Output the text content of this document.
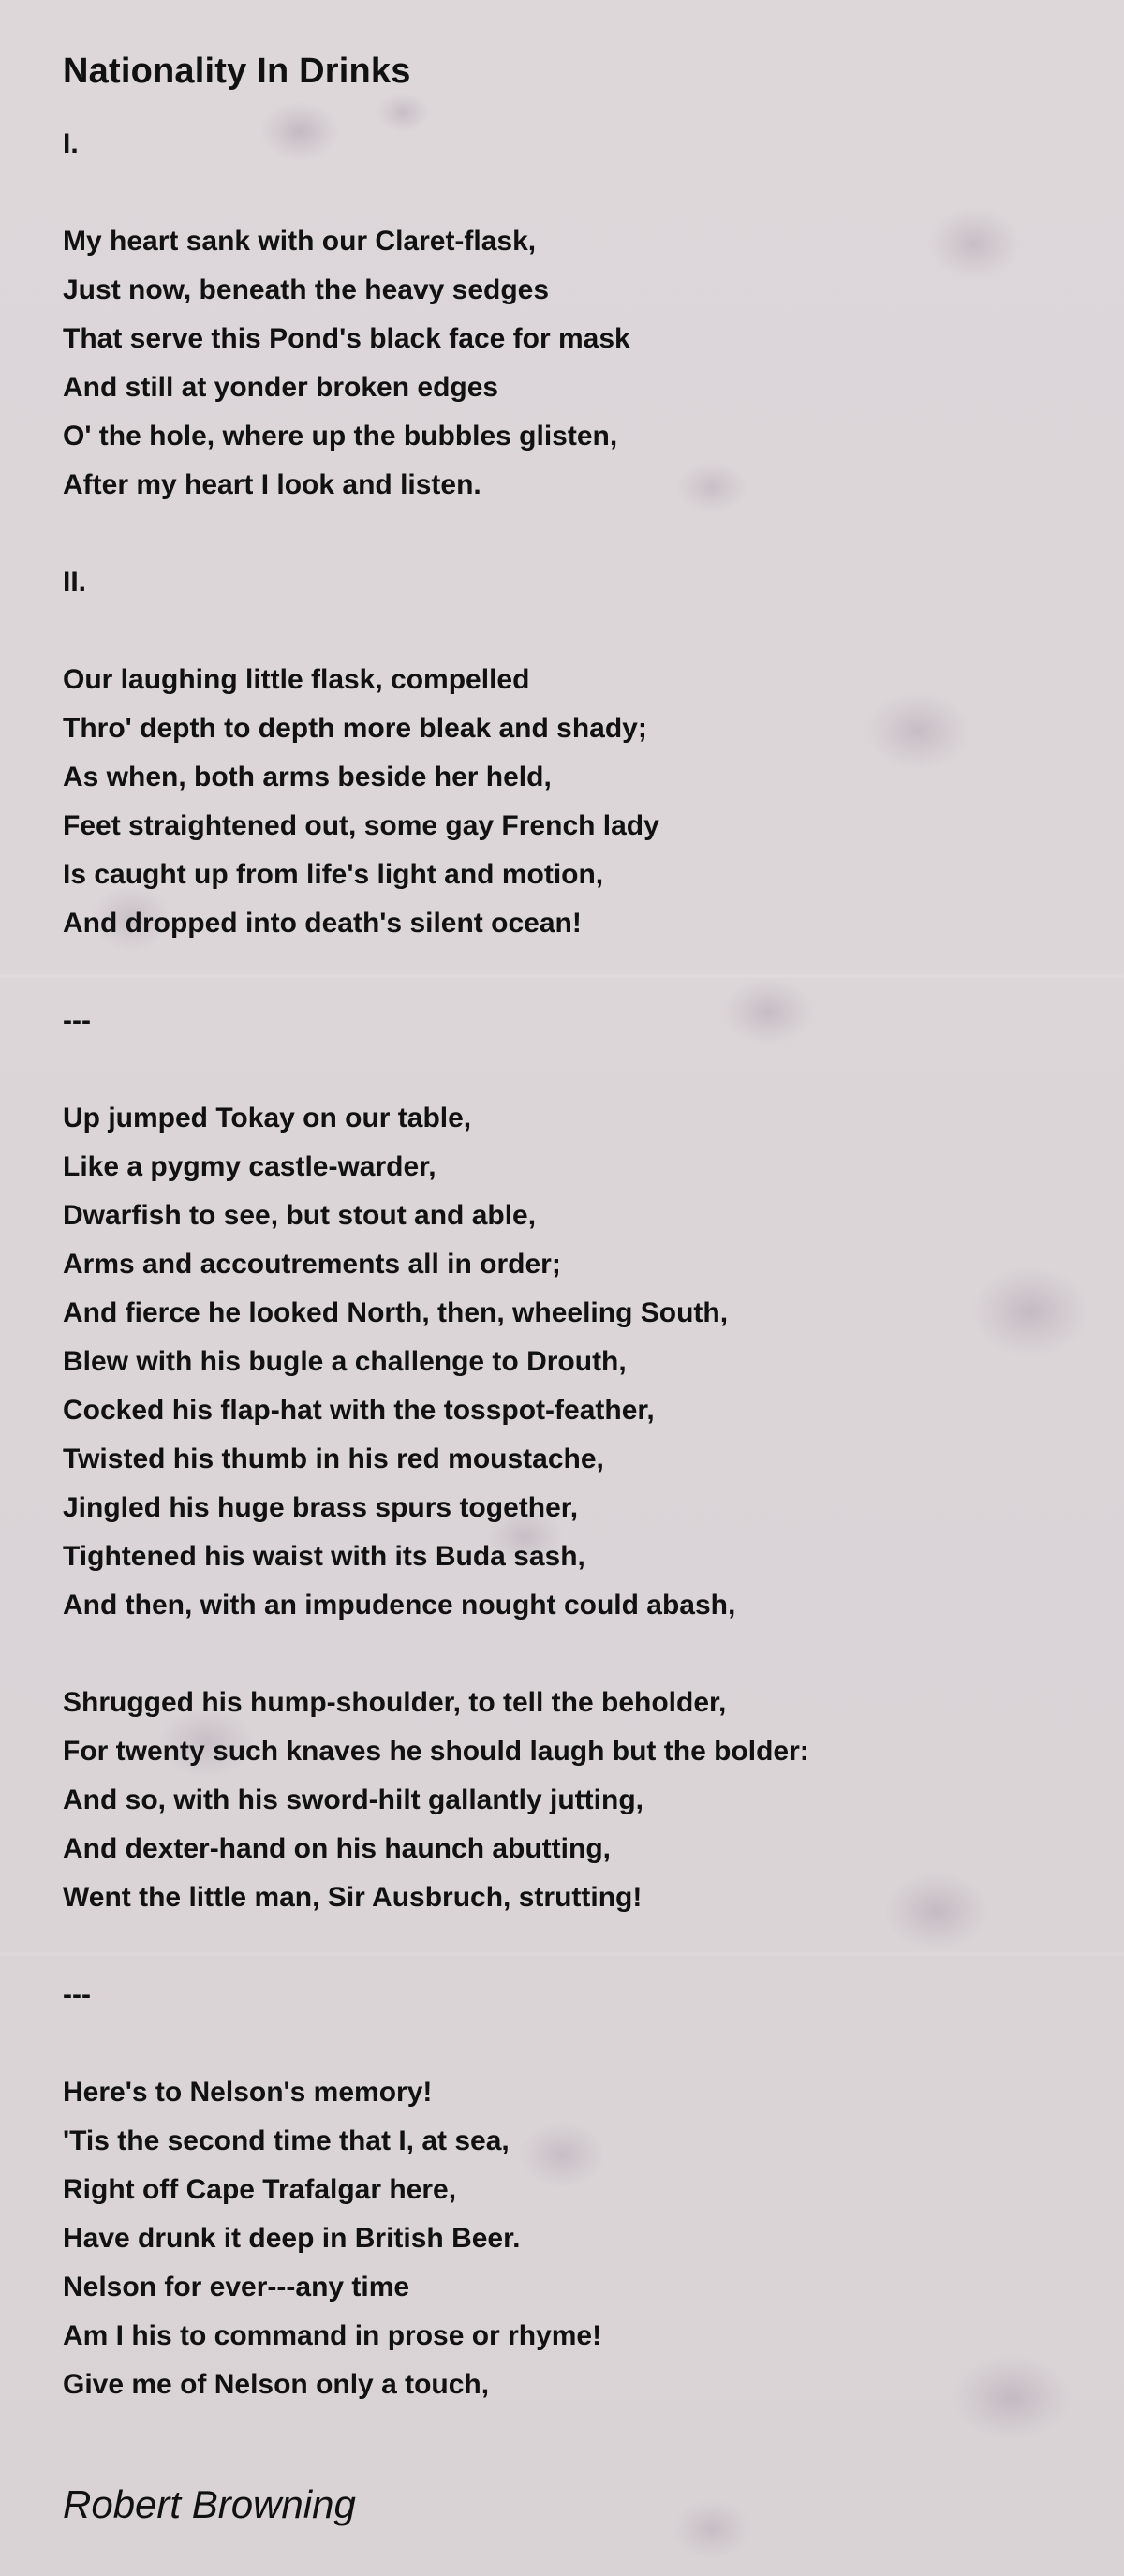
Nationality In Drinks
I.
My heart sank with our Claret-flask,
Just now, beneath the heavy sedges
That serve this Pond's black face for mask
And still at yonder broken edges
O' the hole, where up the bubbles glisten,
After my heart I look and listen.
II.
Our laughing little flask, compelled
Thro' depth to depth more bleak and shady;
As when, both arms beside her held,
Feet straightened out, some gay French lady
Is caught up from life's light and motion,
And dropped into death's silent ocean!
---
Up jumped Tokay on our table,
Like a pygmy castle-warder,
Dwarfish to see, but stout and able,
Arms and accoutrements all in order;
And fierce he looked North, then, wheeling South,
Blew with his bugle a challenge to Drouth,
Cocked his flap-hat with the tosspot-feather,
Twisted his thumb in his red moustache,
Jingled his huge brass spurs together,
Tightened his waist with its Buda sash,
And then, with an impudence nought could abash,
Shrugged his hump-shoulder, to tell the beholder,
For twenty such knaves he should laugh but the bolder:
And so, with his sword-hilt gallantly jutting,
And dexter-hand on his haunch abutting,
Went the little man, Sir Ausbruch, strutting!
---
Here's to Nelson's memory!
'Tis the second time that I, at sea,
Right off Cape Trafalgar here,
Have drunk it deep in British Beer.
Nelson for ever---any time
Am I his to command in prose or rhyme!
Give me of Nelson only a touch,

Robert Browning
